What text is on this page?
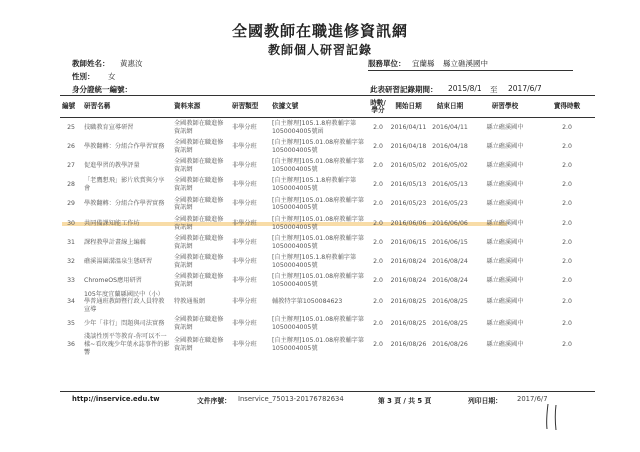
全國教師在職進修資訊網
教師個人研習記錄
教師姓名： 黃惠汝
性別： 女
身分證統一編號：
服務單位： 宜蘭縣 縣立礁溪國中
此表研習記錄期間： 2015/8/1 至 2017/6/7
編號	研習名稱	資料來源	研習類型	依據文號	時數/學分	開始日期	結束日期	研習學校	實得時數
25	技職教育宣導研習	全國教師在職進修資訊網	非學分班	[自主辦理]105.1.8府教輔字第1050004005號函	2.0	2016/04/11	2016/04/11	縣立礁溪國中	2.0
26	學教翻轉：分組合作學習實務	全國教師在職進修資訊網	非學分班	[自主辦理]105.01.08府教輔字第1050004005號	2.0	2016/04/18	2016/04/18	縣立礁溪國中	2.0
27	促進學習的教學評量	全國教師在職進修資訊網	非學分班	[自主辦理]105.01.08府教輔字第1050004005號	2.0	2016/05/02	2016/05/02	縣立礁溪國中	2.0
28	「老鷹想飛」影片欣賞與分享會	全國教師在職進修資訊網	非學分班	[自主辦理]105.1.8府教輔字第1050004005號	2.0	2016/05/13	2016/05/13	縣立礁溪國中	2.0
29	學教翻轉：分組合作學習實務	全國教師在職進修資訊網	非學分班	[自主辦理]105.01.08府教輔字第1050004005號	2.0	2016/05/23	2016/05/23	縣立礁溪國中	2.0
30	共同備課知能工作坊	全國教師在職進修資訊網	非學分班	[自主辦理]105.01.08府教輔字第1050004005號	2.0	2016/06/06	2016/06/06	縣立礁溪國中	2.0
31	課程教學計畫線上編輯	全國教師在職進修資訊網	非學分班	[自主辦理]105.01.08府教輔字第1050004005號	2.0	2016/06/15	2016/06/15	縣立礁溪國中	2.0
32	礁溪湯圍溝溫泉生態研習	全國教師在職進修資訊網	非學分班	[自主辦理]105.1.8府教輔字第1050004005號	2.0	2016/08/24	2016/08/24	縣立礁溪國中	2.0
33	ChromeOS應用研習	全國教師在職進修資訊網	非學分班	[自主辦理]105.01.08府教輔字第1050004005號	2.0	2016/08/24	2016/08/24	縣立礁溪國中	2.0
34	105年度宜蘭縣國民中（小）學普通班教師暨行政人員特教宣導	特教通報網	非學分班	輔教特字第1050084623	2.0	2016/08/25	2016/08/25	縣立礁溪國中	2.0
35	少年「非行」問題與司法實務	全國教師在職進修資訊網	非學分班	[自主辦理]105.01.08府教輔字第1050004005號	2.0	2016/08/25	2016/08/25	縣立礁溪國中	2.0
36	淺談性別平等教育-你可以不一樣~看玫瑰少年葉永誌事件的影響	全國教師在職進修資訊網	非學分班	[自主辦理]105.01.08府教輔字第1050004005號	2.0	2016/08/26	2016/08/26	縣立礁溪國中	2.0
http://inservice.edu.tw	文件序號： Inservice_75013-20176782634	第 3 頁 / 共 5 頁	列印日期： 2017/6/7
